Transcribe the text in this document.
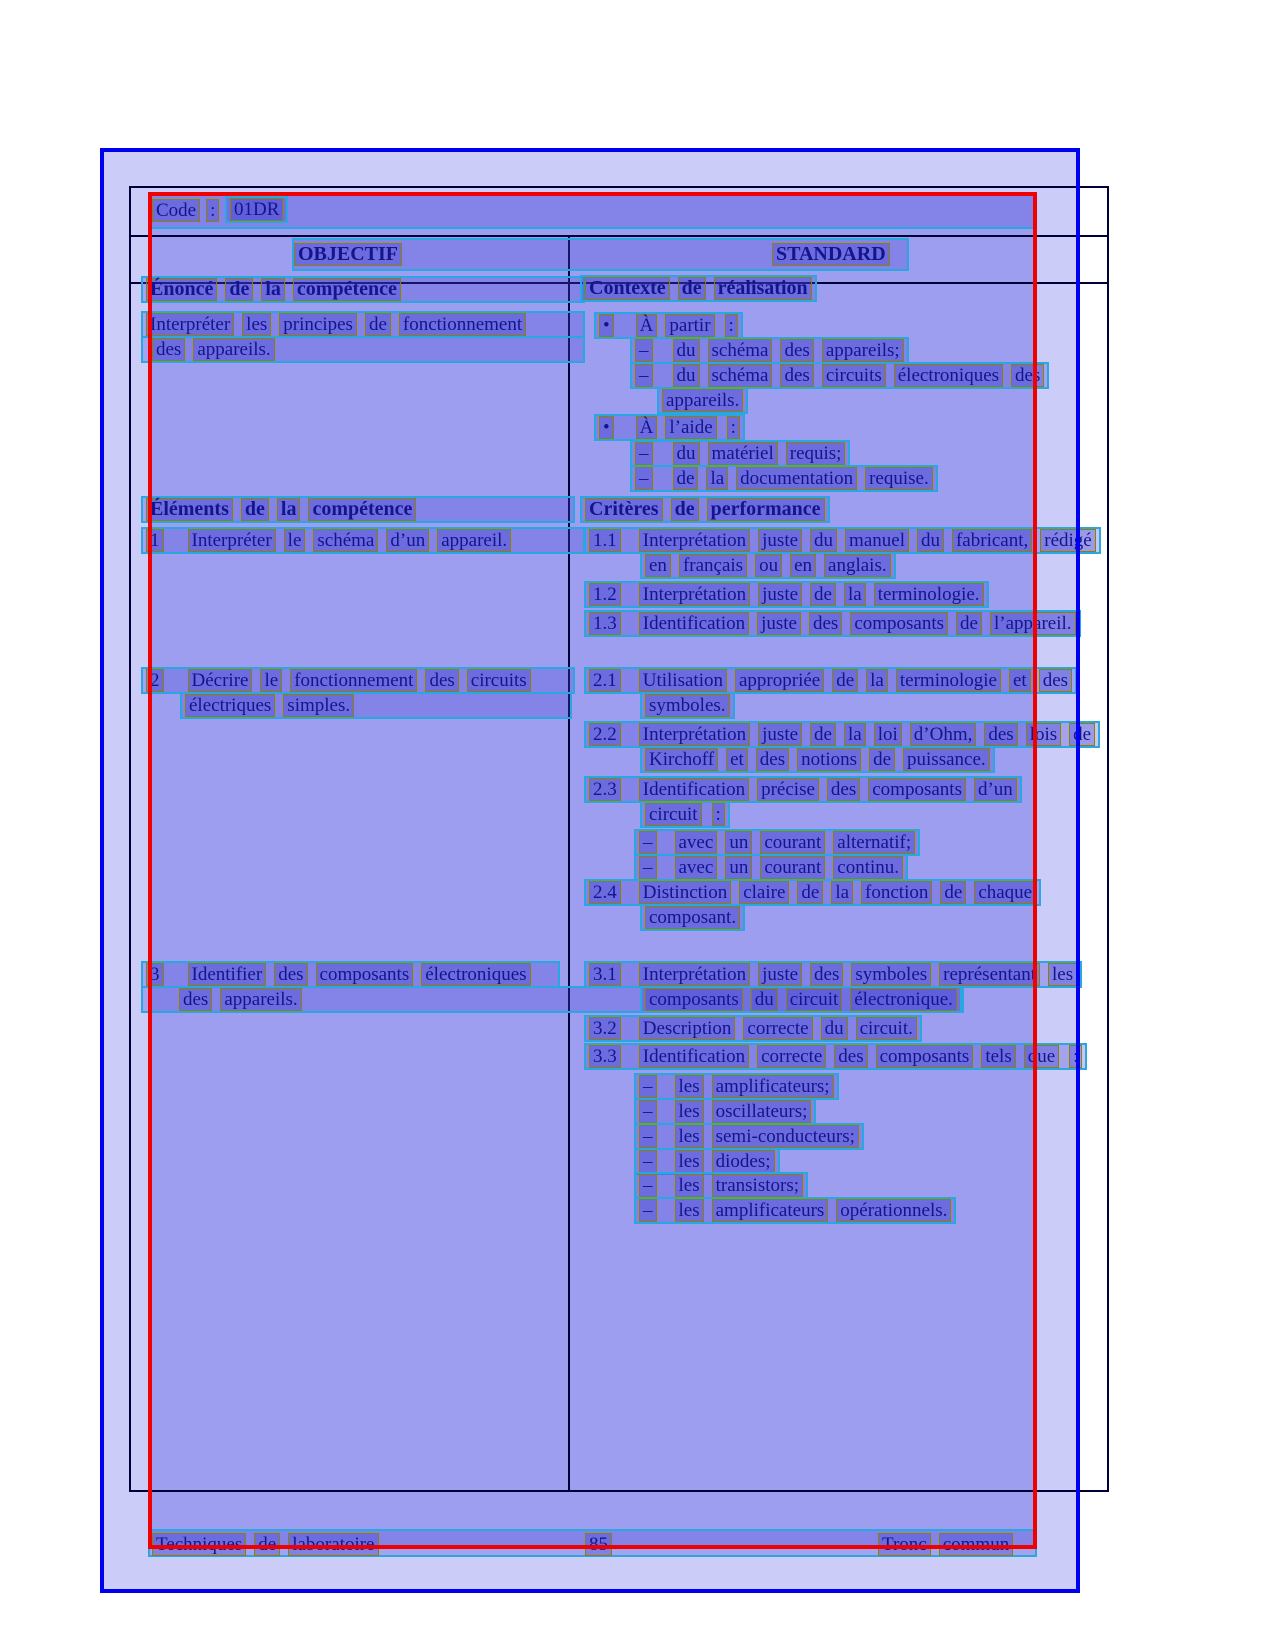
Code : 01DR
OBJECTIF	STANDARD
Énoncé de la compétence	Contexte de réalisation
Interpréter les principes de fonctionnement	• À partir :
des appareils.	– du schéma des appareils;
– du schéma des circuits électroniques des
appareils.
• À l’aide :
– du matériel requis;
– de la documentation requise.
Éléments de la compétence	Critères de performance
1 Interpréter le schéma d’un appareil.	1.1 Interprétation juste du manuel du fabricant, rédigé
en français ou en anglais.
1.2 Interprétation juste de la terminologie.
1.3 Identification juste des composants de l’appareil.
2 Décrire le fonctionnement des circuits	2.1 Utilisation appropriée de la terminologie et des
électriques simples.	symboles.
2.2 Interprétation juste de la loi d’Ohm, des lois de
Kirchoff et des notions de puissance.
2.3 Identification précise des composants d’un
circuit :
– avec un courant alternatif;
– avec un courant continu.
2.4 Distinction claire de la fonction de chaque
composant.
3 Identifier des composants électroniques	3.1 Interprétation juste des symboles représentant les
des appareils.	composants du circuit électronique.
3.2 Description correcte du circuit.
3.3 Identification correcte des composants tels que :
– les amplificateurs;
– les oscillateurs;
– les semi-conducteurs;
– les diodes;
– les transistors;
– les amplificateurs opérationnels.
Techniques de laboratoire	85	Tronc commun
